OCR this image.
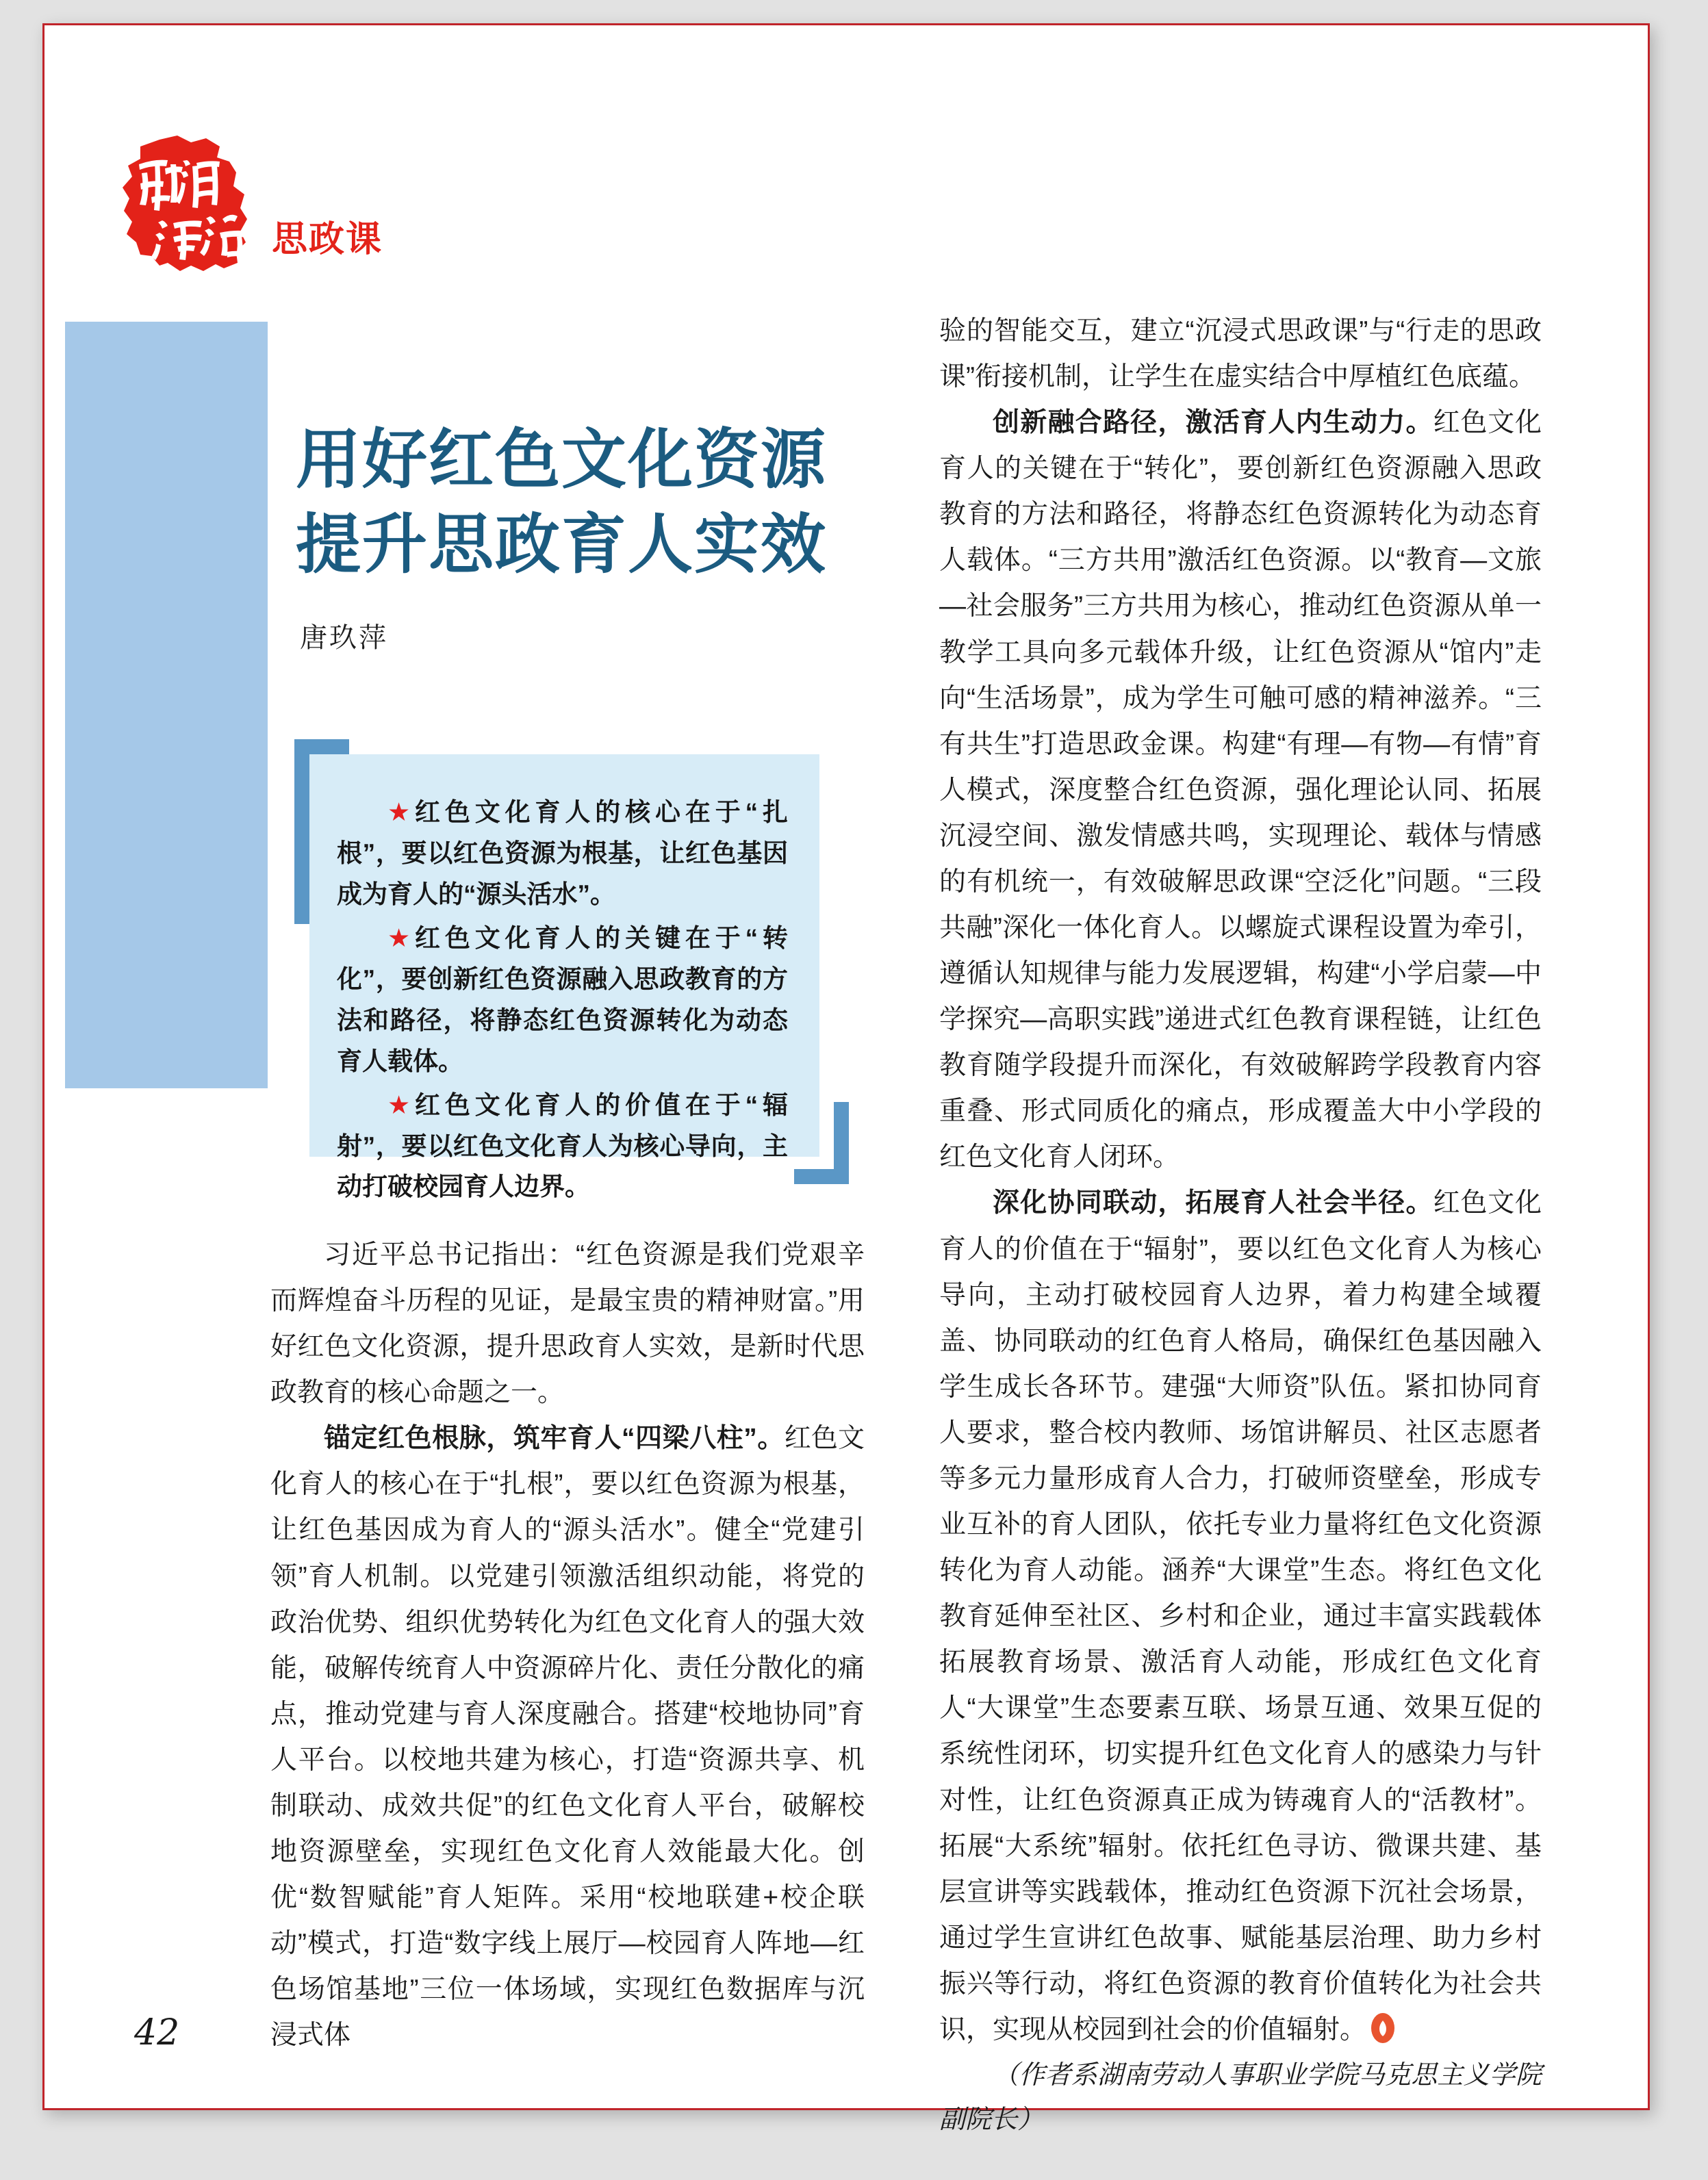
思政课
用好红色文化资源
提升思政育人实效
唐玖萍

★红色文化育人的核心在于“扎根”，要以红色资源为根基，让红色基因成为育人的“源头活水”。

★红色文化育人的关键在于“转化”，要创新红色资源融入思政教育的方法和路径，将静态红色资源转化为动态育人载体。

★红色文化育人的价值在于“辐射”，要以红色文化育人为核心导向，主动打破校园育人边界。

习近平总书记指出：“红色资源是我们党艰辛而辉煌奋斗历程的见证，是最宝贵的精神财富。”用好红色文化资源，提升思政育人实效，是新时代思政教育的核心命题之一。

锚定红色根脉，筑牢育人“四梁八柱”。红色文化育人的核心在于“扎根”，要以红色资源为根基，让红色基因成为育人的“源头活水”。健全“党建引领”育人机制。以党建引领激活组织动能，将党的政治优势、组织优势转化为红色文化育人的强大效能，破解传统育人中资源碎片化、责任分散化的痛点，推动党建与育人深度融合。搭建“校地协同”育人平台。以校地共建为核心，打造“资源共享、机制联动、成效共促”的红色文化育人平台，破解校地资源壁垒，实现红色文化育人效能最大化。创优“数智赋能”育人矩阵。采用“校地联建+校企联动”模式，打造“数字线上展厅—校园育人阵地—红色场馆基地”三位一体场域，实现红色数据库与沉浸式体

验的智能交互，建立“沉浸式思政课”与“行走的思政课”衔接机制，让学生在虚实结合中厚植红色底蕴。

创新融合路径，激活育人内生动力。红色文化育人的关键在于“转化”，要创新红色资源融入思政教育的方法和路径，将静态红色资源转化为动态育人载体。“三方共用”激活红色资源。以“教育—文旅—社会服务”三方共用为核心，推动红色资源从单一教学工具向多元载体升级，让红色资源从“馆内”走向“生活场景”，成为学生可触可感的精神滋养。“三有共生”打造思政金课。构建“有理—有物—有情”育人模式，深度整合红色资源，强化理论认同、拓展沉浸空间、激发情感共鸣，实现理论、载体与情感的有机统一，有效破解思政课“空泛化”问题。“三段共融”深化一体化育人。以螺旋式课程设置为牵引，遵循认知规律与能力发展逻辑，构建“小学启蒙—中学探究—高职实践”递进式红色教育课程链，让红色教育随学段提升而深化，有效破解跨学段教育内容重叠、形式同质化的痛点，形成覆盖大中小学段的红色文化育人闭环。

深化协同联动，拓展育人社会半径。红色文化育人的价值在于“辐射”，要以红色文化育人为核心导向，主动打破校园育人边界，着力构建全域覆盖、协同联动的红色育人格局，确保红色基因融入学生成长各环节。建强“大师资”队伍。紧扣协同育人要求，整合校内教师、场馆讲解员、社区志愿者等多元力量形成育人合力，打破师资壁垒，形成专业互补的育人团队，依托专业力量将红色文化资源转化为育人动能。涵养“大课堂”生态。将红色文化教育延伸至社区、乡村和企业，通过丰富实践载体拓展教育场景、激活育人动能，形成红色文化育人“大课堂”生态要素互联、场景互通、效果互促的系统性闭环，切实提升红色文化育人的感染力与针对性，让红色资源真正成为铸魂育人的“活教材”。拓展“大系统”辐射。依托红色寻访、微课共建、基层宣讲等实践载体，推动红色资源下沉社会场景，通过学生宣讲红色故事、赋能基层治理、助力乡村振兴等行动，将红色资源的教育价值转化为社会共识，实现从校园到社会的价值辐射。

（作者系湖南劳动人事职业学院马克思主义学院副院长）

42
